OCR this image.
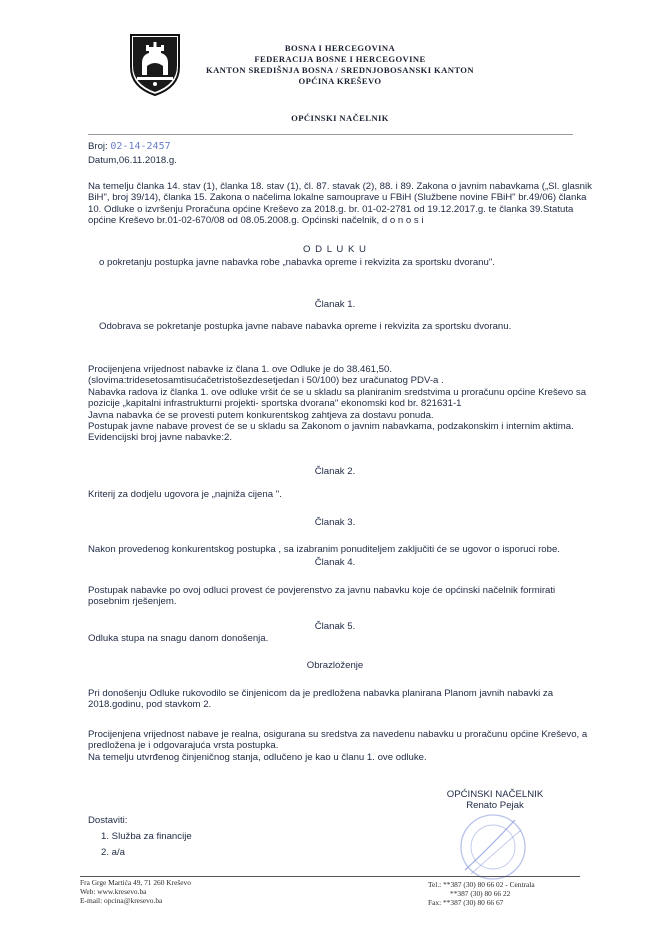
BOSNA I HERCEGOVINA
FEDERACIJA BOSNE I HERCEGOVINE
KANTON SREDIŠNJA BOSNA / SREDNJOBOSANSKI KANTON
OPĆINA KREŠEVO
OPĆINSKI NAČELNIK
Broj: 02-14-2457
Datum,06.11.2018.g.
Na temelju članka 14. stav (1), članka 18. stav (1), čl. 87. stavak (2), 88. i 89. Zakona o javnim nabavkama („Sl. glasnik
BiH", broj 39/14), članka 15. Zakona o načelima lokalne samouprave u FBiH (Službene novine FBiH" br.49/06) članka
10. Odluke o izvršenju Proračuna općine Kreševo za 2018.g. br. 01-02-2781 od 19.12.2017.g. te članka 39.Statuta
općine Kreševo br.01-02-670/08 od 08.05.2008.g. Općinski načelnik, d o n o s i
O D L U K U
o pokretanju postupka javne nabavka robe „nabavka opreme i rekvizita za sportsku dvoranu".
Članak 1.
Odobrava se pokretanje postupka javne nabave nabavka opreme i rekvizita za sportsku dvoranu.
Procijenjena vrijednost nabavke iz člana 1. ove Odluke je do 38.461,50.
(slovima:tridesetosamtisućačetristošezdesetjedan i 50/100) bez uračunatog PDV-a .
Nabavka radova iz članka 1. ove odluke vršit će se u skladu sa planiranim sredstvima u proračunu općine Kreševo sa
pozicije „kapitalni infrastrukturni projekti- sportska dvorana" ekonomski kod br. 821631-1
Javna nabavka će se provesti putem konkurentskog zahtjeva za dostavu ponuda.
Postupak javne nabave provest će se u skladu sa Zakonom o javnim nabavkama, podzakonskim i internim aktima.
Evidencijski broj javne nabavke:2.
Članak 2.
Kriterij za dodjelu ugovora je „najniža cijena ".
Članak 3.
Nakon provedenog konkurentskog postupka , sa izabranim ponuditeljem zaključiti će se ugovor o isporuci robe.
Članak 4.
Postupak nabavke po ovoj odluci provest će povjerenstvo za javnu nabavku koje će općinski načelnik formirati
posebnim rješenjem.
Članak 5.
Odluka stupa na snagu danom donošenja.
Obrazloženje
Pri donošenju Odluke rukovodilo se činjenicom da je predložena nabavka planirana Planom javnih nabavki za
2018.godinu, pod stavkom 2.
Procijenjena vrijednost nabave je realna, osigurana su sredstva za navedenu nabavku u proračunu općine Kreševo, a
predložena je i odgovarajuća vrsta postupka.
Na temelju utvrđenog činjeničnog stanja, odlučeno je kao u članu 1. ove odluke.
OPĆINSKI NAČELNIK
Renato Pejak
Dostaviti:
1. Služba za financije
2. a/a
Fra Grge Martića 49, 71 260 Kreševo
Web: www.kresevo.ba
E-mail: opcina@kresevo.ba
Tel.: **387 (30) 80 66 02 - Centrala
**387 (30) 80 66 22
Fax: **387 (30) 80 66 67
